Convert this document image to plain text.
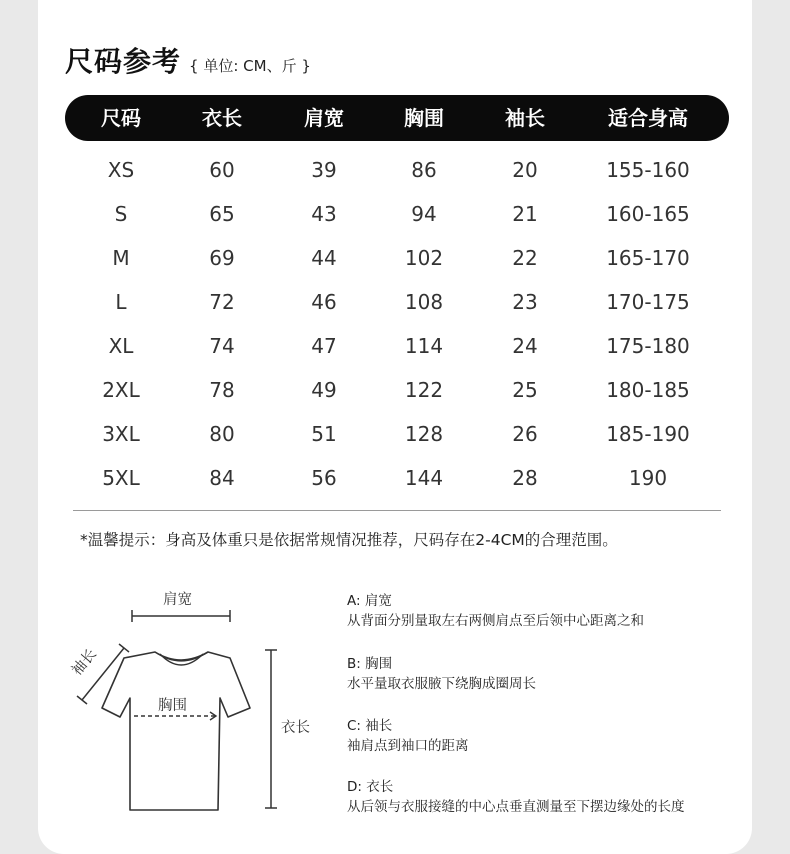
尺码参考 { 单位: CM、斤 }
尺码	衣长	肩宽	胸围	袖长	适合身高
XS	60	39	86	20	155-160
S	65	43	94	21	160-165
M	69	44	102	22	165-170
L	72	46	108	23	170-175
XL	74	47	114	24	175-180
2XL	78	49	122	25	180-185
3XL	80	51	128	26	185-190
5XL	84	56	144	28	190
*温馨提示：身高及体重只是依据常规情况推荐，尺码存在2-4CM的合理范围。
肩宽
袖长
胸围
衣长
A: 肩宽
从背面分别量取左右两侧肩点至后领中心距离之和
B: 胸围
水平量取衣服腋下绕胸成圈周长
C: 袖长
袖肩点到袖口的距离
D: 衣长
从后领与衣服接缝的中心点垂直测量至下摆边缘处的长度
